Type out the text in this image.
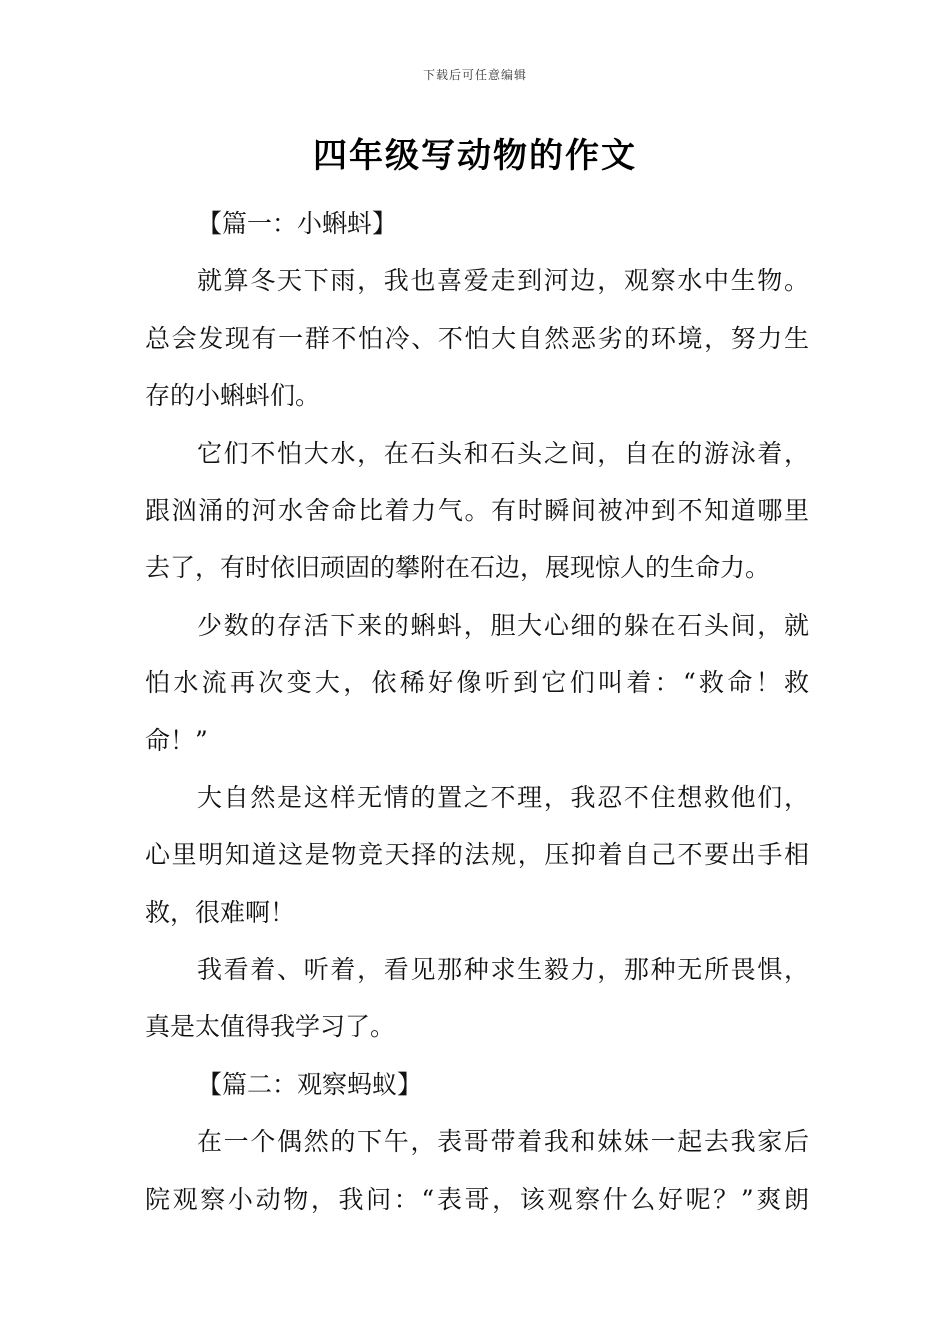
下载后可任意编辑
四年级写动物的作文
【篇一：小蝌蚪】
就算冬天下雨，我也喜爱走到河边，观察水中生物。
总会发现有一群不怕冷、不怕大自然恶劣的环境，努力生
存的小蝌蚪们。
它们不怕大水，在石头和石头之间，自在的游泳着，
跟汹涌的河水舍命比着力气。有时瞬间被冲到不知道哪里
去了，有时依旧顽固的攀附在石边，展现惊人的生命力。
少数的存活下来的蝌蚪，胆大心细的躲在石头间，就
怕水流再次变大，依稀好像听到它们叫着：“救命！救
命！”
大自然是这样无情的置之不理，我忍不住想救他们，
心里明知道这是物竞天择的法规，压抑着自己不要出手相
救，很难啊！
我看着、听着，看见那种求生毅力，那种无所畏惧，
真是太值得我学习了。
【篇二：观察蚂蚁】
在一个偶然的下午，表哥带着我和妹妹一起去我家后
院观察小动物，我问：“表哥，该观察什么好呢？”爽朗
